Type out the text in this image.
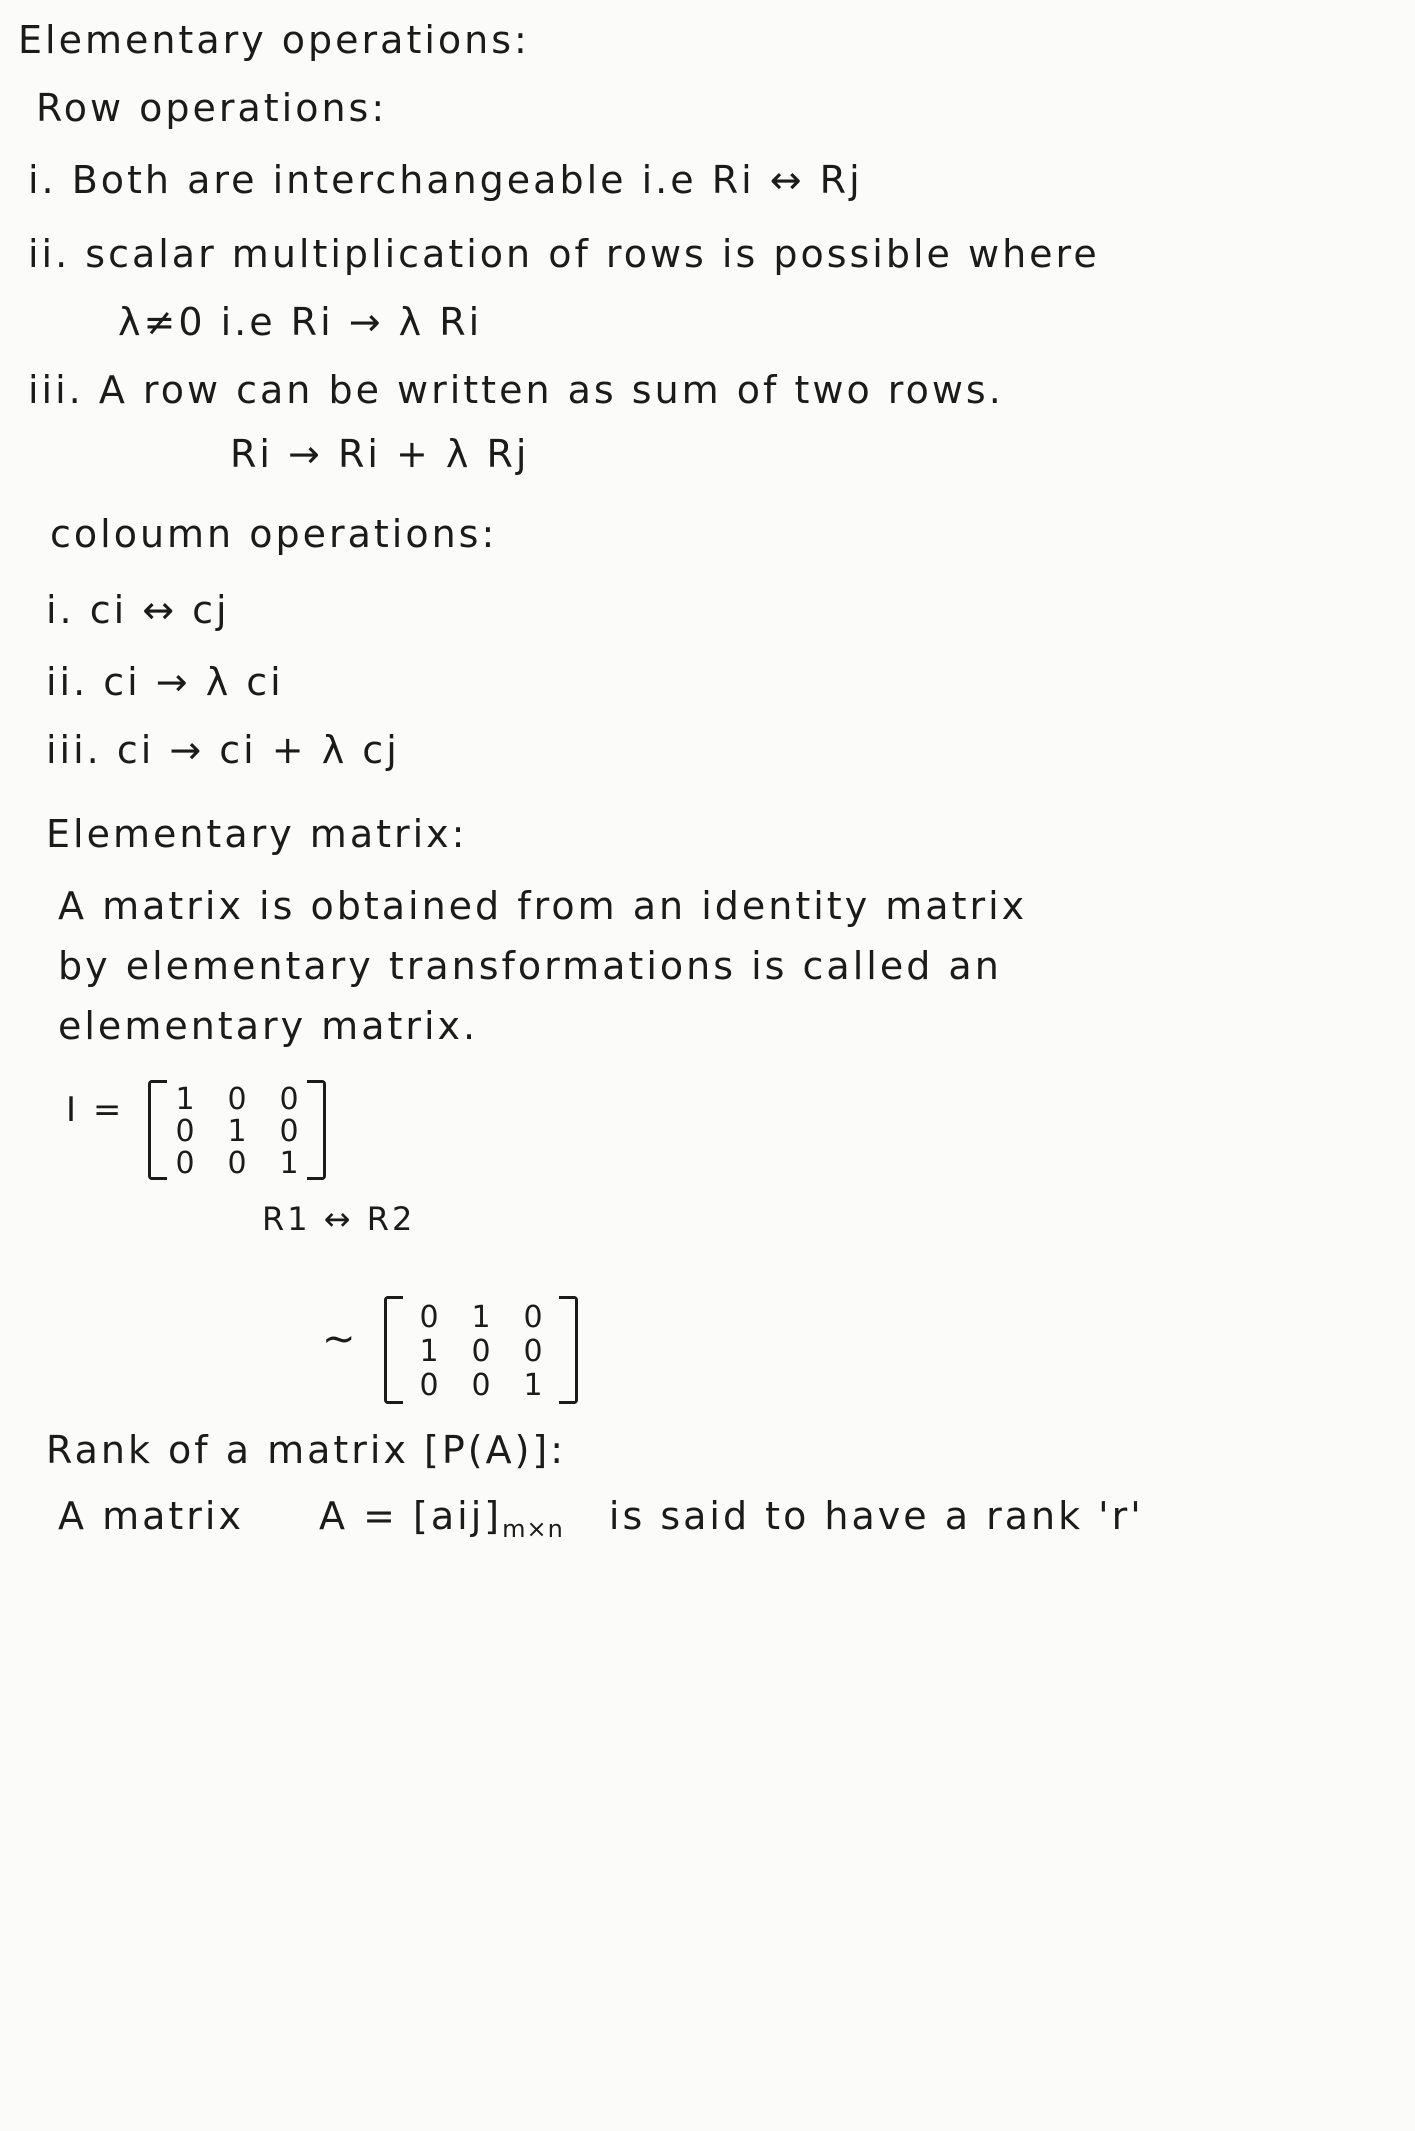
Elementary operations:
Row operations:
i. Both are interchangeable i.e Ri ↔ Rj
ii. scalar multiplication of rows is possible where
λ≠0 i.e Ri → λ Ri
iii. A row can be written as sum of two rows.
Ri → Ri + λ Rj
coloumn operations:
i. ci ↔ cj
ii. ci → λ ci
iii. ci → ci + λ cj
Elementary matrix:
A matrix is obtained from an identity matrix
by elementary transformations is called an
elementary matrix.
I =	1	0	0
0	1	0
0	0	1
R1 ↔ R2
~	0	1	0
1	0	0
0	0	1
Rank of a matrix [P(A)]:
A matrix $A = [aij]_{m\times n}$ is said to have a rank 'r'
